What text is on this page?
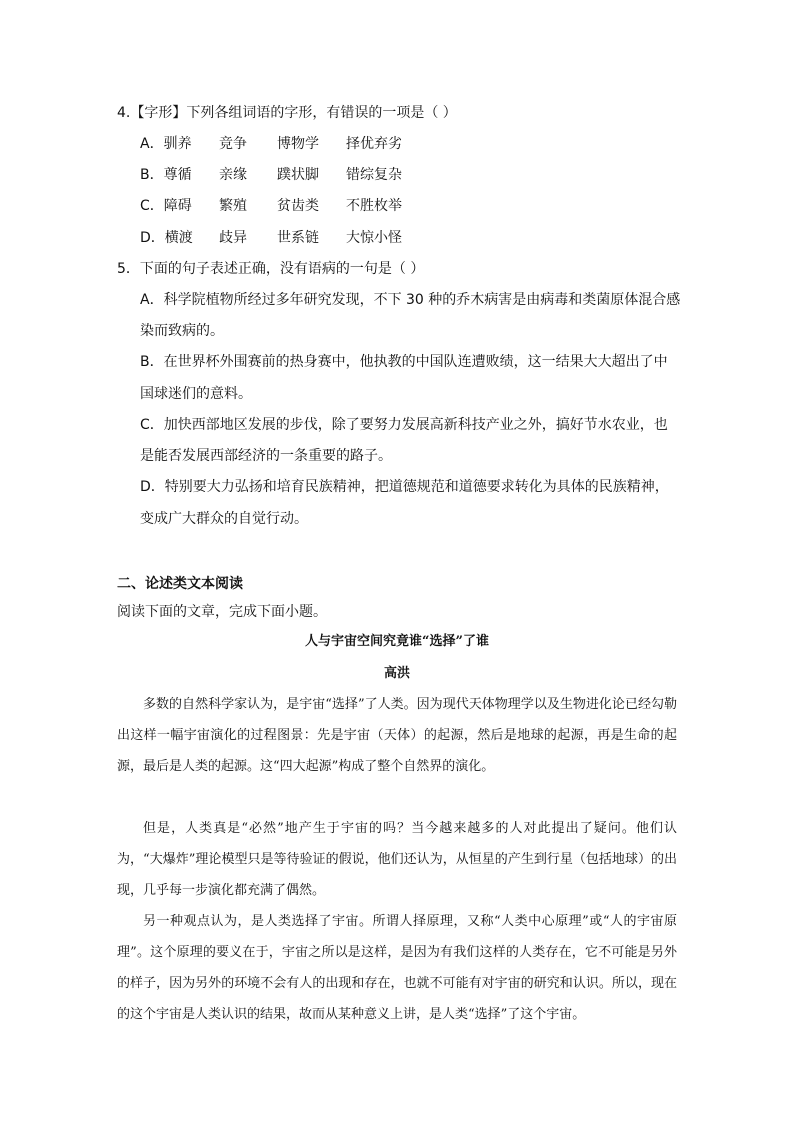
4.【字形】下列各组词语的字形，有错误的一项是（ ）
A．驯养 竞争 博物学 择优弃劣
B．尊循 亲缘 蹼状脚 错综复杂
C．障碍 繁殖 贫齿类 不胜枚举
D．横渡 歧异 世系链 大惊小怪
5．下面的句子表述正确，没有语病的一句是（ ）
A．科学院植物所经过多年研究发现，不下 30 种的乔木病害是由病毒和类菌原体混合感
染而致病的。
B．在世界杯外围赛前的热身赛中，他执教的中国队连遭败绩，这一结果大大超出了中
国球迷们的意料。
C．加快西部地区发展的步伐，除了要努力发展高新科技产业之外，搞好节水农业，也
是能否发展西部经济的一条重要的路子。
D．特别要大力弘扬和培育民族精神，把道德规范和道德要求转化为具体的民族精神，
变成广大群众的自觉行动。
二、论述类文本阅读
阅读下面的文章，完成下面小题。
人与宇宙空间究竟谁“选择”了谁
高洪

多数的自然科学家认为，是宇宙“选择”了人类。因为现代天体物理学以及生物进化论已经勾勒出这样一幅宇宙演化的过程图景：先是宇宙（天体）的起源，然后是地球的起源，再是生命的起源，最后是人类的起源。这“四大起源”构成了整个自然界的演化。

但是，人类真是“必然”地产生于宇宙的吗？当今越来越多的人对此提出了疑问。他们认为，“大爆炸”理论模型只是等待验证的假说，他们还认为，从恒星的产生到行星（包括地球）的出现，几乎每一步演化都充满了偶然。

另一种观点认为，是人类选择了宇宙。所谓人择原理，又称“人类中心原理”或“人的宇宙原理”。这个原理的要义在于，宇宙之所以是这样，是因为有我们这样的人类存在，它不可能是另外的样子，因为另外的环境不会有人的出现和存在，也就不可能有对宇宙的研究和认识。所以，现在的这个宇宙是人类认识的结果，故而从某种意义上讲，是人类“选择”了这个宇宙。
